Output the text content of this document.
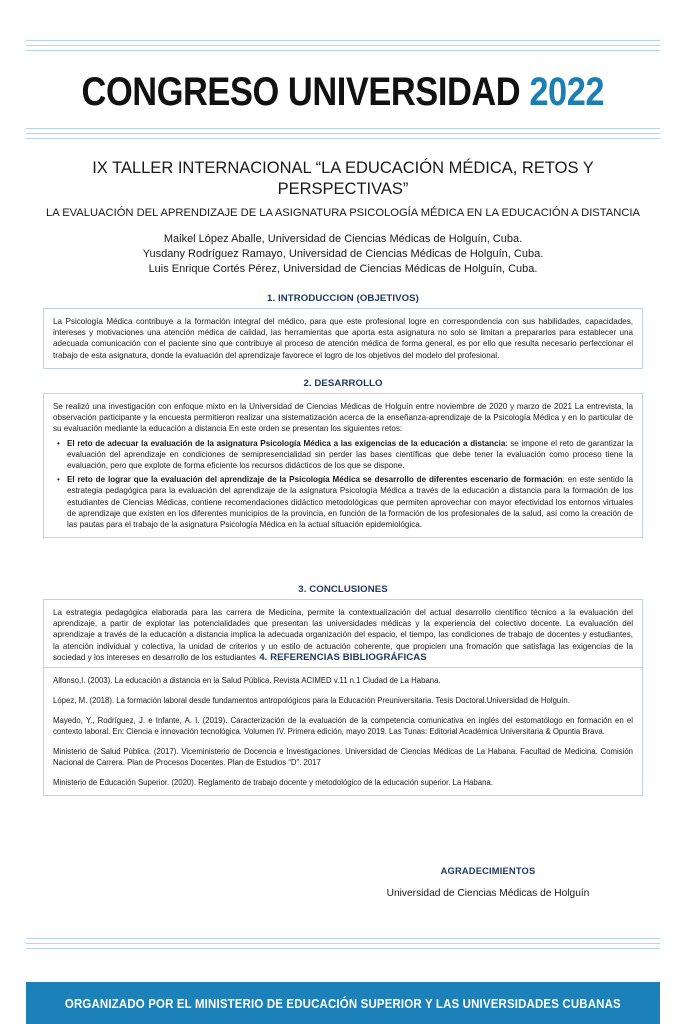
CONGRESO UNIVERSIDAD 2022
IX TALLER INTERNACIONAL “LA EDUCACIÓN MÉDICA, RETOS Y PERSPECTIVAS”
LA EVALUACIÓN DEL APRENDIZAJE DE LA ASIGNATURA PSICOLOGÍA MÉDICA EN LA EDUCACIÓN A DISTANCIA
Maikel López Aballe, Universidad de Ciencias Médicas de Holguín, Cuba.
Yusdany Rodríguez Ramayo, Universidad de Ciencias Médicas de Holguín, Cuba.
Luis Enrique Cortés Pérez, Universidad de Ciencias Médicas de Holguín, Cuba.
1. INTRODUCCION (OBJETIVOS)

La Psicología Médica contribuye a la formación integral del médico, para que este profesional logre en correspondencia con sus habilidades, capacidades, intereses y motivaciones una atención médica de calidad, las herramientas que aporta esta asignatura no solo se limitan a prepararlos para establecer una adecuada comunicación con el paciente sino que contribuye al proceso de atención médica de forma general, es por ello que resulta necesario perfeccionar el trabajo de esta asignatura, donde la evaluación del aprendizaje favorece el logro de los objetivos del modelo del profesional.

2. DESARROLLO

Se realizó una investigación con enfoque mixto en la Universidad de Ciencias Médicas de Holguín entre noviembre de 2020 y marzo de 2021 La entrevista, la observación participante y la encuesta permitieron realizar una sistematización acerca de la enseñanza-aprendizaje de la Psicología Médica y en lo particular de su evaluación mediante la educación a distancia En este orden se presentan los siguientes retos:

• El reto de adecuar la evaluación de la asignatura Psicología Médica a las exigencias de la educación a distancia: se impone el reto de garantizar la evaluación del aprendizaje en condiciones de semipresencialidad sin perder las bases científicas que debe tener la evaluación como proceso tiene la evaluación, pero que explote de forma eficiente los recursos didácticos de los que se dispone.
• El reto de lograr que la evaluación del aprendizaje de la Psicología Médica se desarrollo de diferentes escenario de formación: en este sentido la estrategia pedagógica para la evaluación del aprendizaje de la asignatura Psicología Médica a través de la educación a distancia para la formación de los estudiantes de Ciencias Médicas, contiene recomendaciones didáctico metodológicas que permiten aprovechar con mayor efectividad los entornos virtuales de aprendizaje que existen en los diferentes municipios de la provincia, en función de la formación de los profesionales de la salud, así como la creación de las pautas para el trabajo de la asignatura Psicología Médica en la actual situación epidemiológica.
3. CONCLUSIONES

La estrategia pedagógica elaborada para las carrera de Medicina, permite la contextualización del actual desarrollo científico técnico a la evaluación del aprendizaje, a partir de explotar las potencialidades que presentan las universidades médicas y la experiencia del colectivo docente. La evaluación del aprendizaje a través de la educación a distancia implica la adecuada organización del espacio, el tiempo, las condiciones de trabajo de docentes y estudiantes, la atención individual y colectiva, la unidad de criterios y un estilo de actuación coherente, que propicien una fromación que satisfaga las exigencias de la sociedad y los intereses en desarrollo de los estudiantes 4. REFERENCIAS BIBLIOGRÁFICAS

Alfonso,I. (2003). La educación a distancia en la Salud Pública. Revista ACIMED v.11 n.1 Ciudad de La Habana.

López, M. (2018). La formación laboral desde fundamentos antropológicos para la Educación Preuniversitaria. Tesis Doctoral.Universidad de Holguín.

Mayedo, Y., Rodríguez, J. e Infante, A. I. (2019). Caracterización de la evaluación de la competencia comunicativa en inglés del estomatólogo en formación en el contexto laboral. En: Ciencia e innovación tecnológica. Volumen IV. Primera edición, mayo 2019. Las Tunas: Editorial Académica Universitaria & Opuntia Brava.

Ministerio de Salud Pública. (2017). Viceministerio de Docencia e Investigaciones. Universidad de Ciencias Médicas de La Habana. Facultad de Medicina. Comisión Nacional de Carrera. Plan de Procesos Docentes. Plan de Estudios “D”. 2017

Ministerio de Educación Superior. (2020). Reglamento de trabajo docente y metodológico de la educación superior. La Habana.

AGRADECIMIENTOS

Universidad de Ciencias Médicas de Holguín

ORGANIZADO POR EL MINISTERIO DE EDUCACIÓN SUPERIOR Y LAS UNIVERSIDADES CUBANAS
